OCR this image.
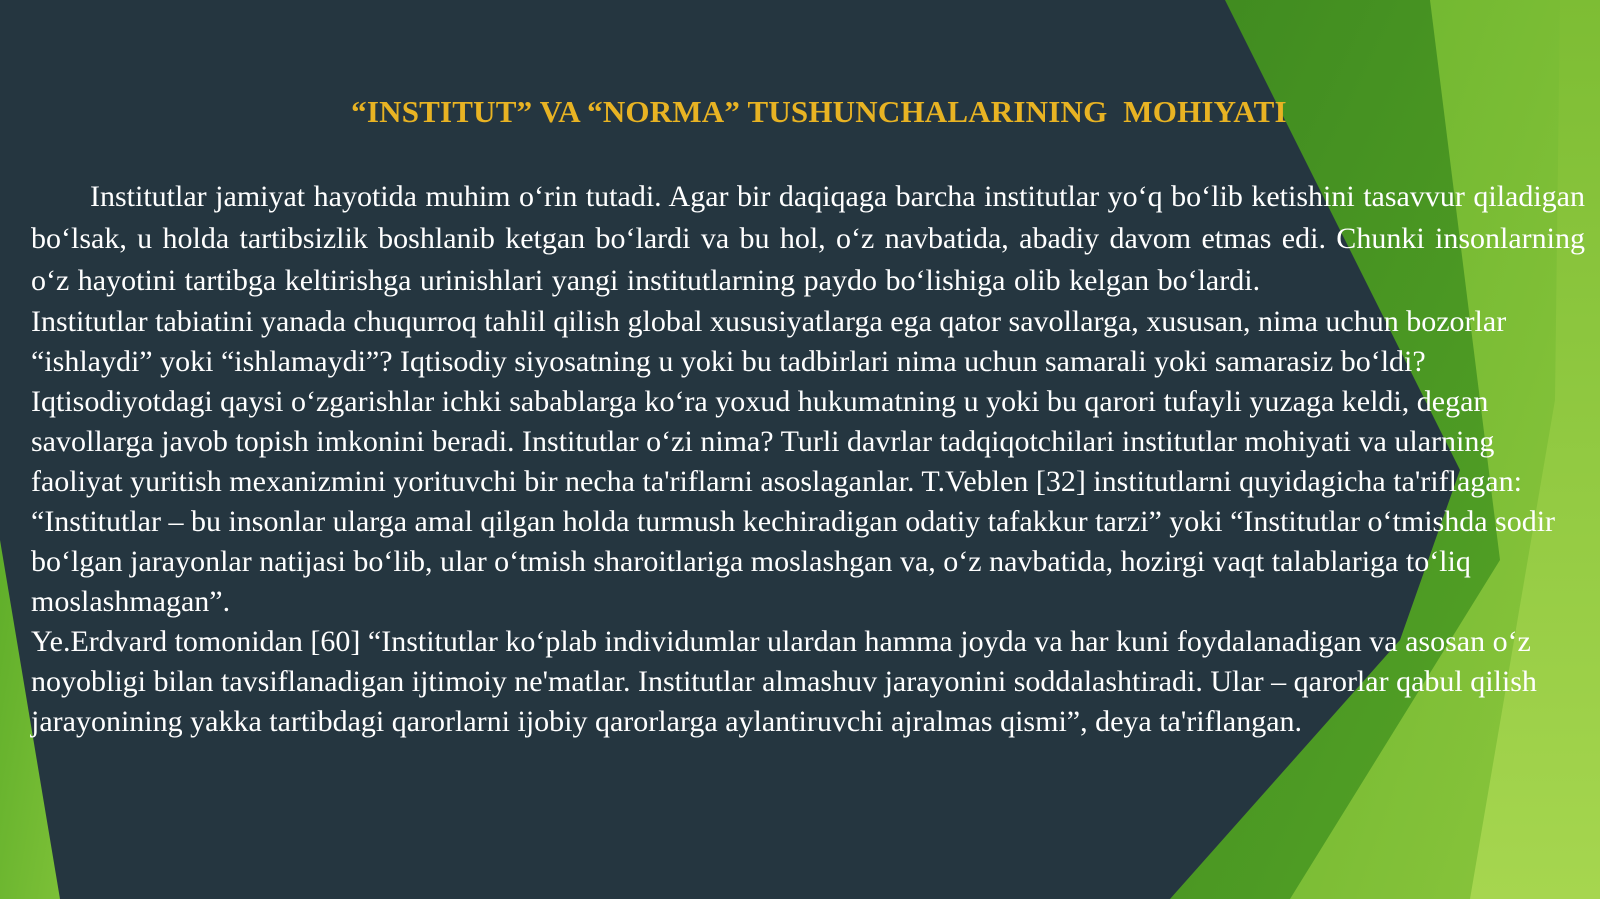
“INSTITUT” VA “NORMA” TUSHUNCHALARINING  MOHIYATI

Institutlar jamiyat hayotida muhim oʻrin tutadi. Agar bir daqiqaga barcha institutlar yoʻq boʻlib ketishini tasavvur qiladigan boʻlsak, u holda tartibsizlik boshlanib ketgan boʻlardi va bu hol, oʻz navbatida, abadiy davom etmas edi. Chunki insonlarning oʻz hayotini tartibga keltirishga urinishlari yangi institutlarning paydo boʻlishiga olib kelgan boʻlardi.

Institutlar tabiatini yanada chuqurroq tahlil qilish global xususiyatlarga ega qator savollarga, xususan, nima uchun bozorlar “ishlaydi” yoki “ishlamaydi”? Iqtisodiy siyosatning u yoki bu tadbirlari nima uchun samarali yoki samarasiz boʻldi? Iqtisodiyotdagi qaysi oʻzgarishlar ichki sabablarga koʻra yoxud hukumatning u yoki bu qarori tufayli yuzaga keldi, degan savollarga javob topish imkonini beradi. Institutlar oʻzi nima? Turli davrlar tadqiqotchilari institutlar mohiyati va ularning faoliyat yuritish mexanizmini yorituvchi bir necha ta'riflarni asoslaganlar. T.Veblen [32] institutlarni quyidagicha ta'riflagan: “Institutlar – bu insonlar ularga amal qilgan holda turmush kechiradigan odatiy tafakkur tarzi” yoki “Institutlar oʻtmishda sodir boʻlgan jarayonlar natijasi boʻlib, ular oʻtmish sharoitlariga moslashgan va, oʻz navbatida, hozirgi vaqt talablariga toʻliq moslashmagan”.

Ye.Erdvard tomonidan [60] “Institutlar koʻplab individumlar ulardan hamma joyda va har kuni foydalanadigan va asosan oʻz noyobligi bilan tavsiflanadigan ijtimoiy ne'matlar. Institutlar almashuv jarayonini soddalashtiradi. Ular – qarorlar qabul qilish jarayonining yakka tartibdagi qarorlarni ijobiy qarorlarga aylantiruvchi ajralmas qismi”, deya ta'riflangan.
